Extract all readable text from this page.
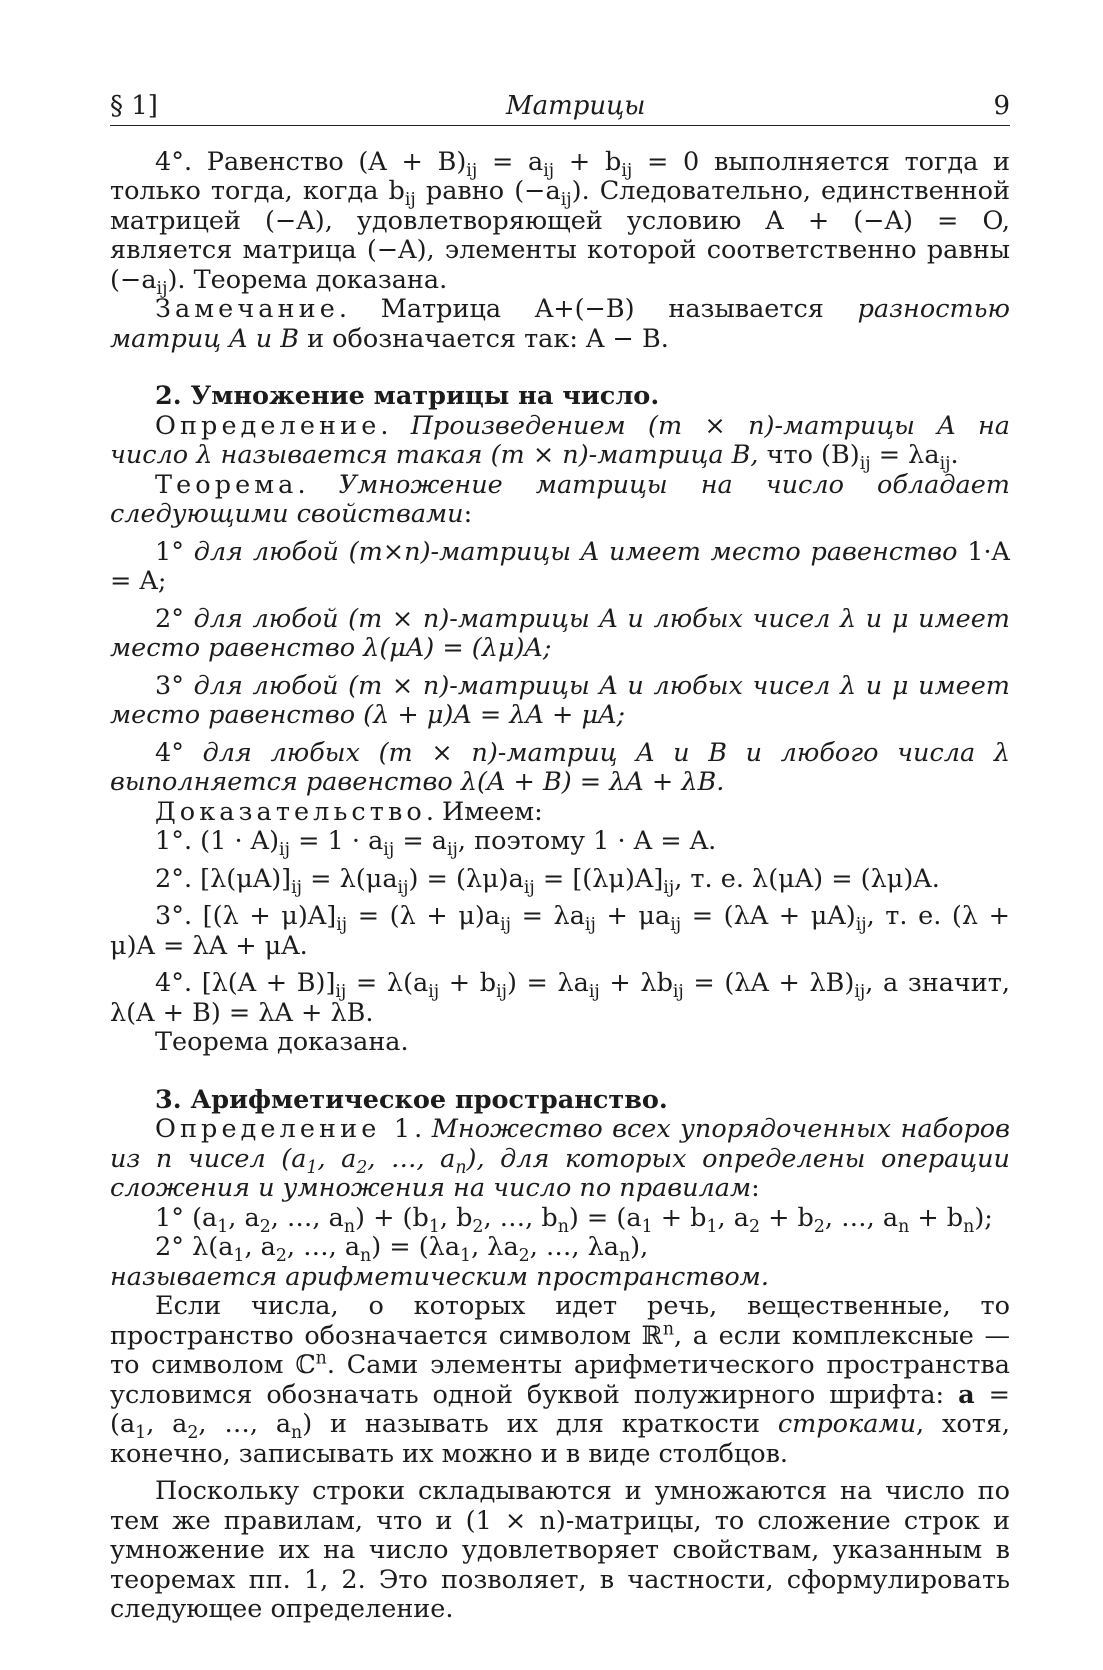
§ 1]	Матрицы	9

4°. Равенство $(A + B)_{ij} = a_{ij} + b_{ij} = 0$ выполняется тогда и только тогда, когда $b_{ij}$ равно $(-a_{ij})$. Следовательно, единственной матрицей (−A), удовлетворяющей условию A + (−A) = O, является матрица (−A), элементы которой соответственно равны $(-a_{ij})$. Теорема доказана.

Замечание. Матрица A+(−B) называется разностью матриц A и B и обозначается так: A − B.

2. Умножение матрицы на число.

Определение. Произведением (m × n)-матрицы A на число λ называется такая (m × n)-матрица B, что $(B)_{ij} = \lambda a_{ij}$.

Теорема. Умножение матрицы на число обладает следующими свойствами:

1° для любой (m×n)-матрицы A имеет место равенство 1·A = A;

2° для любой (m × n)-матрицы A и любых чисел λ и μ имеет место равенство λ(μA) = (λμ)A;

3° для любой (m × n)-матрицы A и любых чисел λ и μ имеет место равенство (λ + μ)A = λA + μA;

4° для любых (m × n)-матриц A и B и любого числа λ выполняется равенство λ(A + B) = λA + λB.

Доказательство. Имеем:

1°. $(1 \cdot A)_{ij} = 1 \cdot a_{ij} = a_{ij}$, поэтому 1 · A = A.

2°. $[\lambda(\mu A)]_{ij} = \lambda(\mu a_{ij}) = (\lambda\mu)a_{ij} = [(\lambda\mu)A]_{ij}$, т. е. λ(μA) = (λμ)A.

3°. $[(\lambda + \mu)A]_{ij} = (\lambda + \mu)a_{ij} = \lambda a_{ij} + \mu a_{ij} = (\lambda A + \mu A)_{ij}$, т. е. (λ + μ)A = λA + μA.

4°. $[\lambda(A + B)]_{ij} = \lambda(a_{ij} + b_{ij}) = \lambda a_{ij} + \lambda b_{ij} = (\lambda A + \lambda B)_{ij}$, а значит, λ(A + B) = λA + λB.

Теорема доказана.

3. Арифметическое пространство.

Определение 1. Множество всех упорядоченных наборов из n чисел ($a_1$, $a_2$, …, $a_n$), для которых определены операции сложения и умножения на число по правилам:

1° ($a_1$, $a_2$, …, $a_n) + (b_1$, $b_2$, …, $b_n) = (a_1 + b_1$, $a_2 + b_2$, …, $a_n + b_n$);

2° $\lambda(a_1$, $a_2$, …, $a_n) = (\lambda a_1$, $\lambda a_2$, …, $\lambda a_n$),

называется арифметическим пространством.

Если числа, о которых идет речь, вещественные, то пространство обозначается символом ℝ$^n$, а если комплексные — то символом ℂ$^n$. Сами элементы арифметического пространства условимся обозначать одной буквой полужирного шрифта: $a = (a_1$, $a_2$, …, $a_n$) и называть их для краткости строками, хотя, конечно, записывать их можно и в виде столбцов.

Поскольку строки складываются и умножаются на число по тем же правилам, что и (1 × n)-матрицы, то сложение строк и умножение их на число удовлетворяет свойствам, указанным в теоремах пп. 1, 2. Это позволяет, в частности, сформулировать следующее определение.
